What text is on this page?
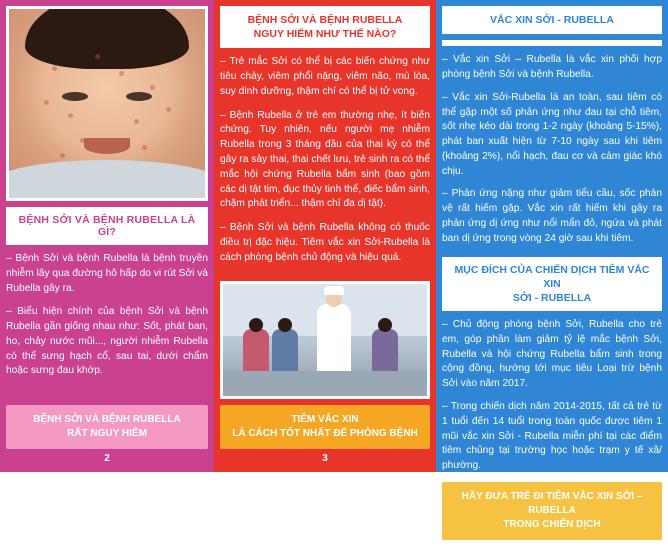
BỆNH SỞI VÀ BỆNH RUBELLA LÀ GÌ?

– Bệnh Sởi và bệnh Rubella là bệnh truyền nhiễm lây qua đường hô hấp do vi rút Sởi và Rubella gây ra.

– Biểu hiện chính của bệnh Sởi và bệnh Rubella gần giống nhau như: Sốt, phát ban, ho, chảy nước mũi..., người nhiễm Rubella có thể sưng hạch cổ, sau tai, dưới chẩm hoặc sưng đau khớp.

BỆNH SỞI VÀ BỆNH RUBELLA
RẤT NGUY HIỂM
2
BỆNH SỞI VÀ BỆNH RUBELLA
NGUY HIỂM NHƯ THẾ NÀO?

– Trẻ mắc Sởi có thể bị các biến chứng như tiêu chảy, viêm phổi nặng, viêm não, mù lòa, suy dinh dưỡng, thậm chí có thể bị tử vong.

– Bệnh Rubella ở trẻ em thường nhẹ, ít biến chứng. Tuy nhiên, nếu người mẹ nhiễm Rubella trong 3 tháng đầu của thai kỳ có thể gây ra sảy thai, thai chết lưu, trẻ sinh ra có thể mắc hội chứng Rubella bẩm sinh (bao gồm các dị tật tim, đục thủy tinh thể, điếc bẩm sinh, chậm phát triển... thậm chí đa dị tật).

– Bệnh Sởi và bệnh Rubella không có thuốc điều trị đặc hiệu. Tiêm vắc xin Sởi-Rubella là cách phòng bệnh chủ động và hiệu quả.

TIÊM VẮC XIN
LÀ CÁCH TỐT NHẤT ĐỂ PHÒNG BỆNH
3
VẮC XIN SỞI - RUBELLA

– Vắc xin Sởi – Rubella là vắc xin phối hợp phòng bệnh Sởi và bệnh Rubella.

– Vắc xin Sởi-Rubella là an toàn, sau tiêm có thể gặp một số phản ứng như đau tại chỗ tiêm, sốt nhẹ kéo dài trong 1-2 ngày (khoảng 5-15%), phát ban xuất hiện từ 7-10 ngày sau khi tiêm (khoảng 2%), nổi hạch, đau cơ và cảm giác khó chịu.

– Phản ứng nặng như giảm tiểu cầu, sốc phản vệ rất hiếm gặp. Vắc xin rất hiếm khi gây ra phản ứng dị ứng như nổi mẩn đỏ, ngứa và phát ban dị ứng trong vòng 24 giờ sau khi tiêm.

MỤC ĐÍCH CỦA CHIẾN DỊCH TIÊM VẮC XIN
SỞI - RUBELLA

– Chủ động phòng bệnh Sởi, Rubella cho trẻ em, góp phần làm giảm tỷ lệ mắc bệnh Sởi, Rubella và hội chứng Rubella bẩm sinh trong cộng đồng, hướng tới mục tiêu Loại trừ bệnh Sởi vào năm 2017.

– Trong chiến dịch năm 2014-2015, tất cả trẻ từ 1 tuổi đến 14 tuổi trong toàn quốc được tiêm 1 mũi vắc xin Sởi - Rubella miễn phí tại các điểm tiêm chủng tại trường học hoặc trạm y tế xã/ phường.

HÃY ĐƯA TRẺ ĐI TIÊM VẮC XIN SỞI – RUBELLA
TRONG CHIẾN DỊCH
4
